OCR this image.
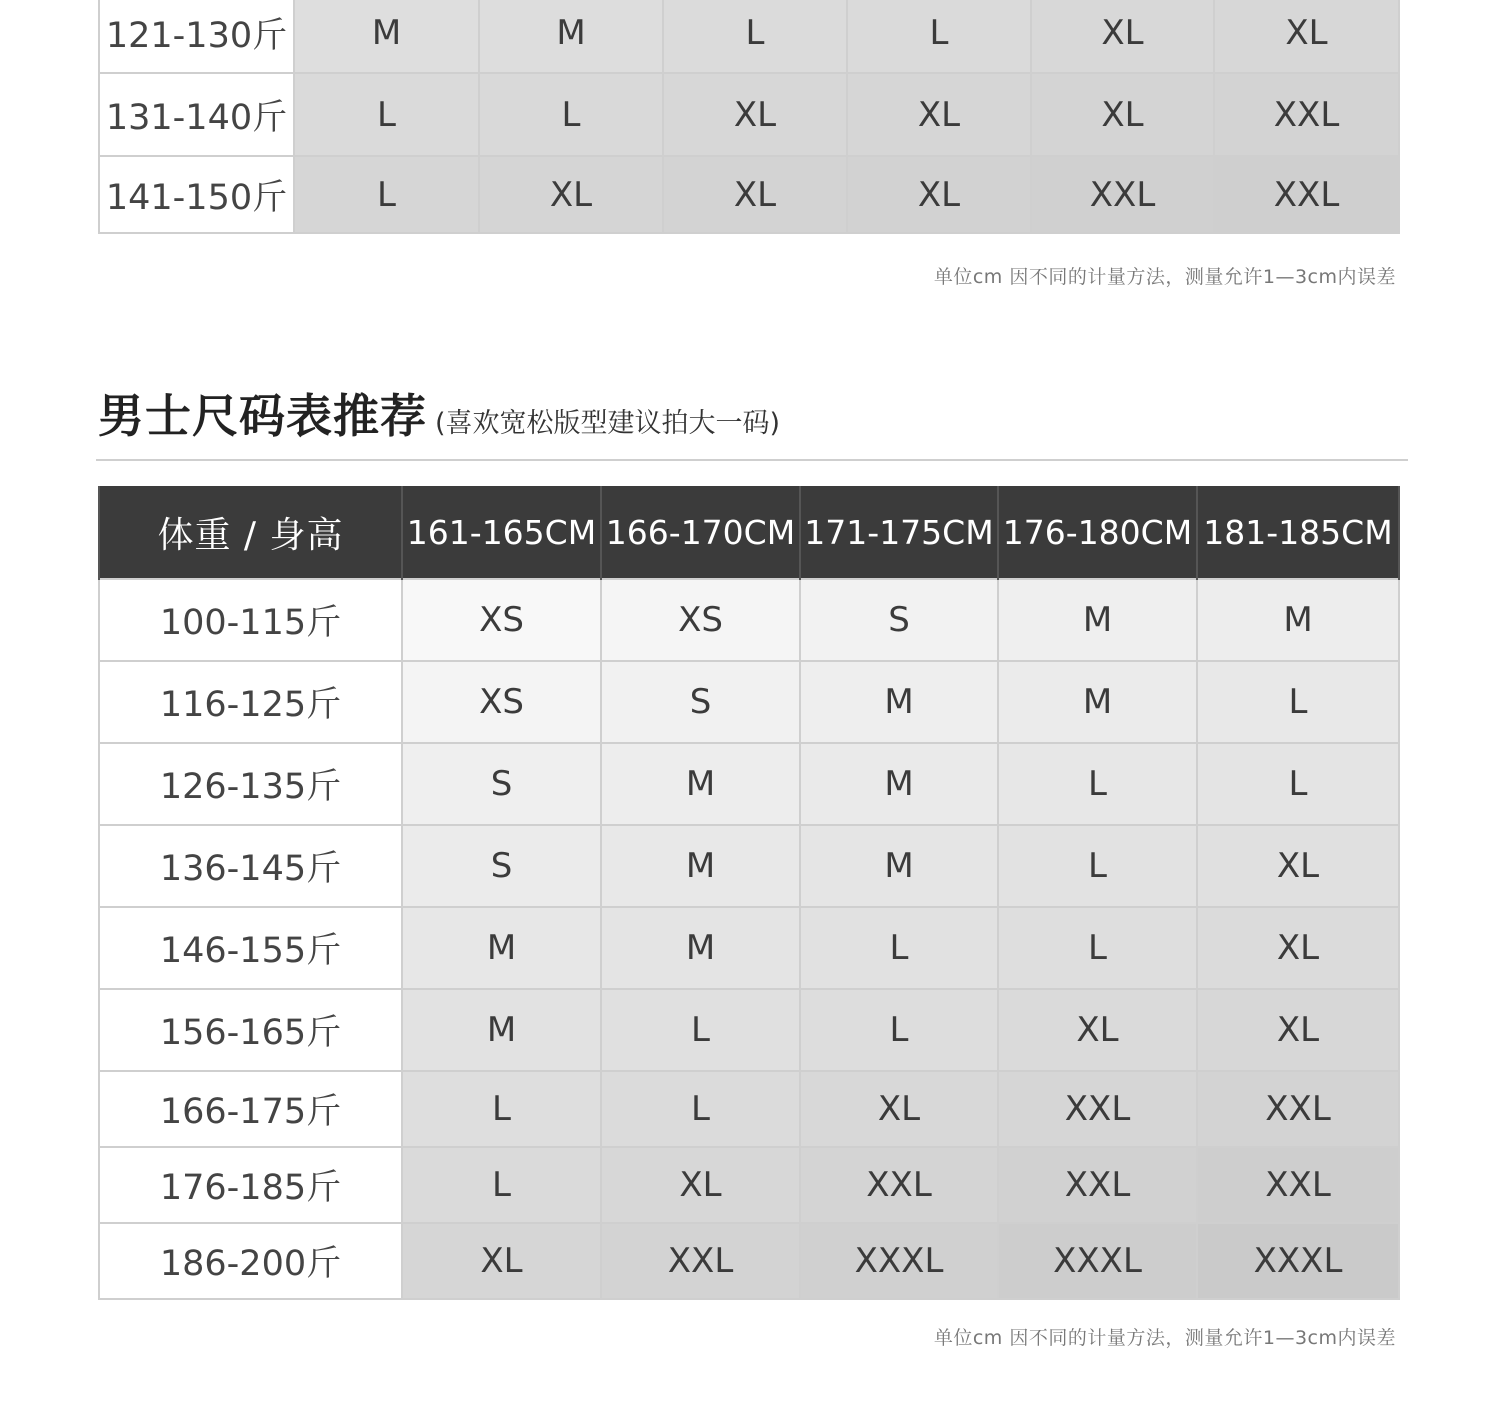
121-130斤	M	M	L	L	XL	XL
131-140斤	L	L	XL	XL	XL	XXL
141-150斤	L	XL	XL	XL	XXL	XXL
单位cm 因不同的计量方法，测量允许1—3cm内误差
男士尺码表推荐 (喜欢宽松版型建议拍大一码)
体重 / 身高	161-165CM	166-170CM	171-175CM	176-180CM	181-185CM
100-115斤	XS	XS	S	M	M
116-125斤	XS	S	M	M	L
126-135斤	S	M	M	L	L
136-145斤	S	M	M	L	XL
146-155斤	M	M	L	L	XL
156-165斤	M	L	L	XL	XL
166-175斤	L	L	XL	XXL	XXL
176-185斤	L	XL	XXL	XXL	XXL
186-200斤	XL	XXL	XXXL	XXXL	XXXL
单位cm 因不同的计量方法，测量允许1—3cm内误差
